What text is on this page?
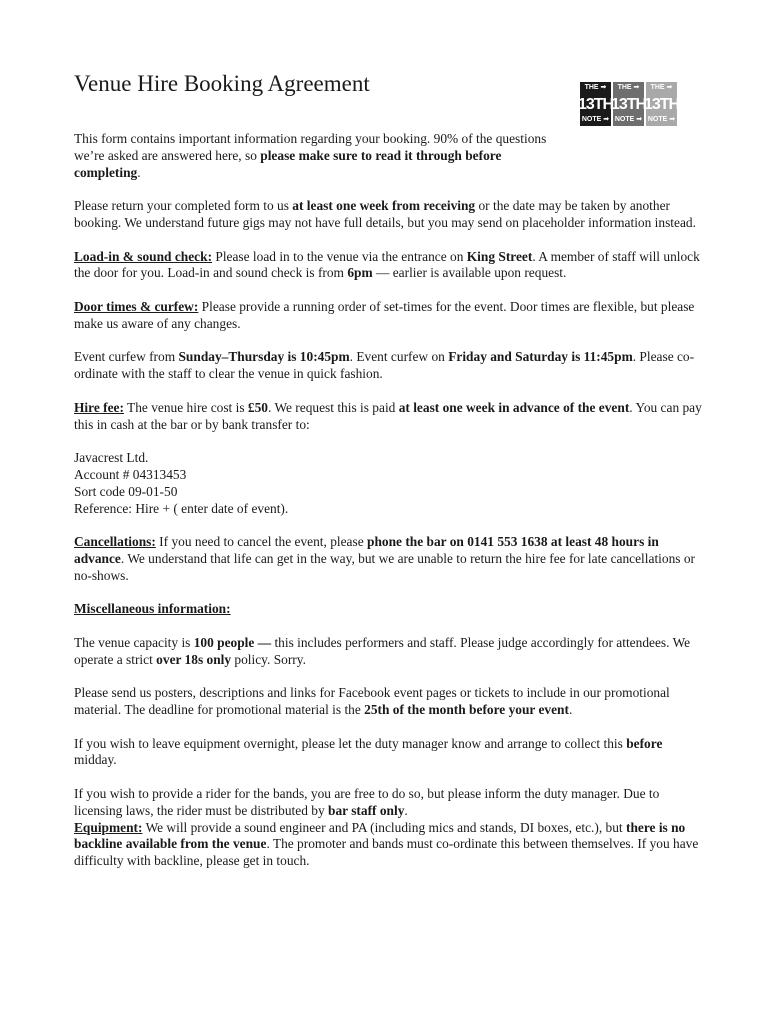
Venue Hire Booking Agreement	THE ➡
13TH
NOTE ➡
THE ➡
13TH
NOTE ➡
THE ➡
13TH
NOTE ➡

This form contains important information regarding your booking. 90% of the questions we’re asked are answered here, so please make sure to read it through before completing.

Please return your completed form to us at least one week from receiving or the date may be taken by another booking. We understand future gigs may not have full details, but you may send on placeholder information instead.

Load-in & sound check: Please load in to the venue via the entrance on King Street. A member of staff will unlock the door for you. Load-in and sound check is from 6pm — earlier is available upon request.

Door times & curfew: Please provide a running order of set-times for the event. Door times are flexible, but please make us aware of any changes.

Event curfew from Sunday–Thursday is 10:45pm. Event curfew on Friday and Saturday is 11:45pm. Please co-ordinate with the staff to clear the venue in quick fashion.

Hire fee: The venue hire cost is £50. We request this is paid at least one week in advance of the event. You can pay this in cash at the bar or by bank transfer to:

Javacrest Ltd.
Account # 04313453
Sort code 09-01-50
Reference: Hire + ( enter date of event).

Cancellations: If you need to cancel the event, please phone the bar on 0141 553 1638 at least 48 hours in advance. We understand that life can get in the way, but we are unable to return the hire fee for late cancellations or no-shows.

Miscellaneous information:

The venue capacity is 100 people — this includes performers and staff. Please judge accordingly for attendees. We operate a strict over 18s only policy. Sorry.

Please send us posters, descriptions and links for Facebook event pages or tickets to include in our promotional material. The deadline for promotional material is the 25th of the month before your event.

If you wish to leave equipment overnight, please let the duty manager know and arrange to collect this before midday.

If you wish to provide a rider for the bands, you are free to do so, but please inform the duty manager. Due to licensing laws, the rider must be distributed by bar staff only.

Equipment: We will provide a sound engineer and PA (including mics and stands, DI boxes, etc.), but there is no backline available from the venue. The promoter and bands must co-ordinate this between themselves. If you have difficulty with backline, please get in touch.
